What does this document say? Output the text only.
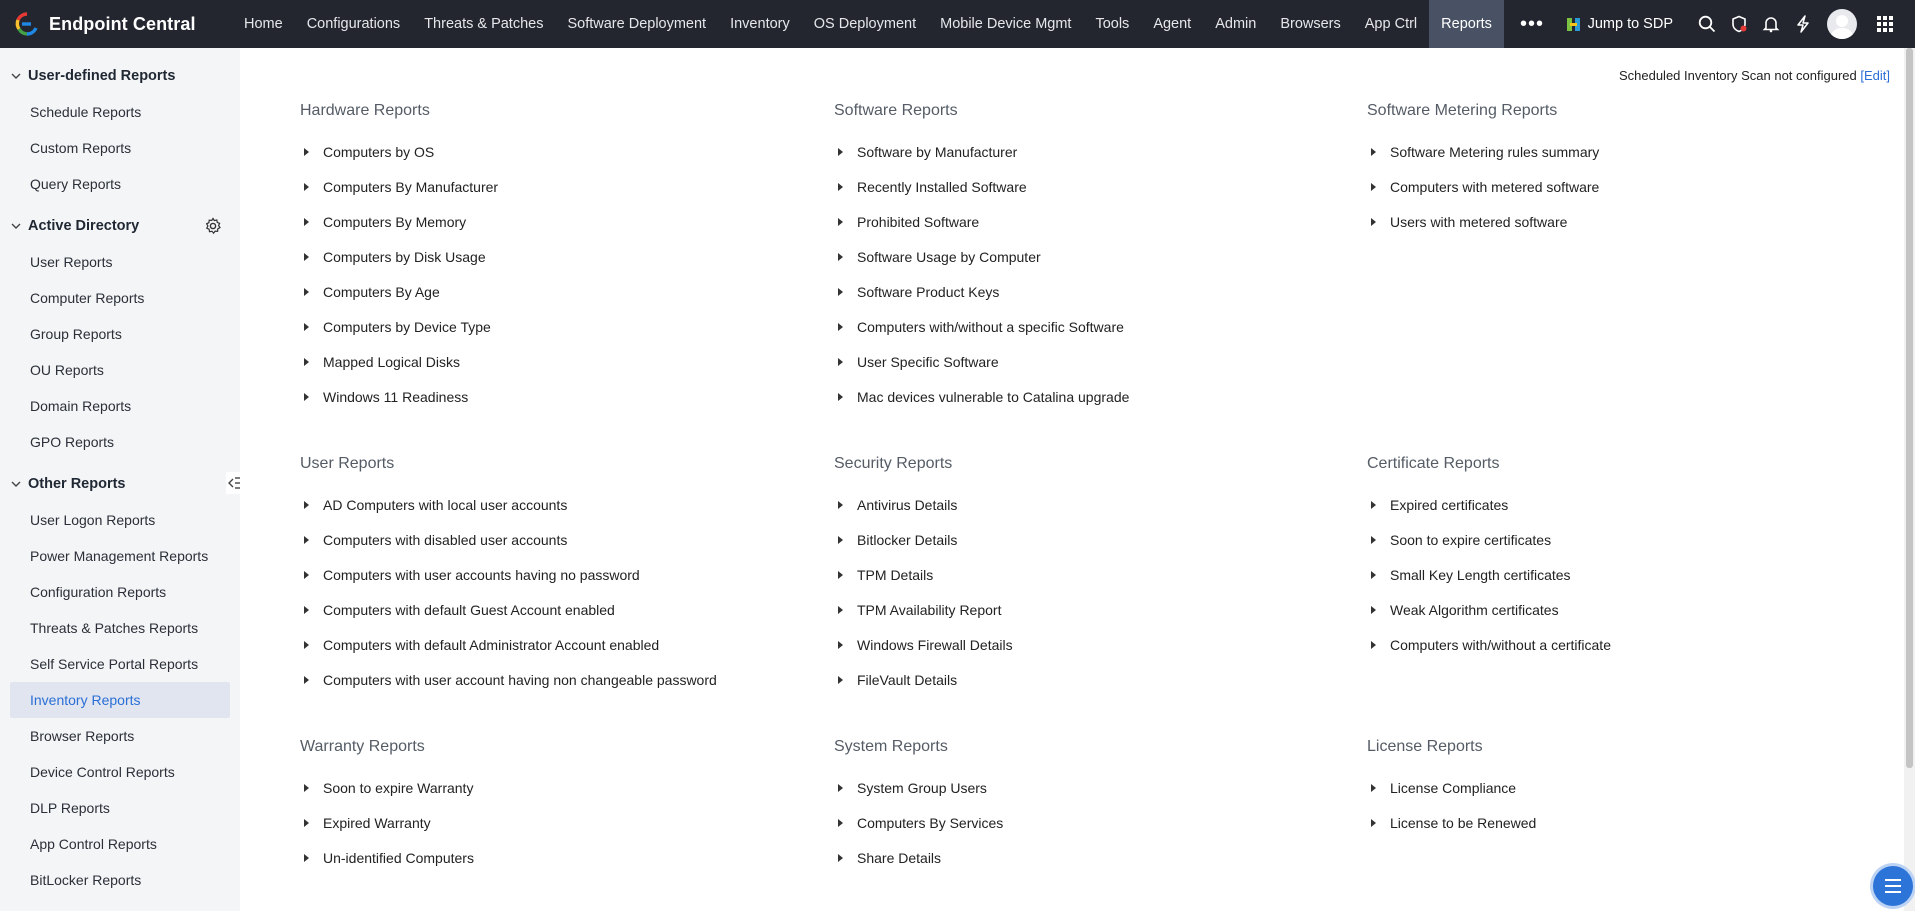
Endpoint Central	Home	Configurations	Threats & Patches	Software Deployment	Inventory	OS Deployment	Mobile Device Mgmt	Tools	Agent	Admin	Browsers	App Ctrl	Reports	•••	Jump to SDP
User-defined Reports
Schedule Reports
Custom Reports
Query Reports
Active Directory
User Reports
Computer Reports
Group Reports
OU Reports
Domain Reports
GPO Reports
Other Reports
User Logon Reports
Power Management Reports
Configuration Reports
Threats & Patches Reports
Self Service Portal Reports
Inventory Reports
Browser Reports
Device Control Reports
DLP Reports
App Control Reports
BitLocker Reports
Scheduled Inventory Scan not configured [Edit]
Hardware Reports
Computers by OS
Computers By Manufacturer
Computers By Memory
Computers by Disk Usage
Computers By Age
Computers by Device Type
Mapped Logical Disks
Windows 11 Readiness
Software Reports
Software by Manufacturer
Recently Installed Software
Prohibited Software
Software Usage by Computer
Software Product Keys
Computers with/without a specific Software
User Specific Software
Mac devices vulnerable to Catalina upgrade
Software Metering Reports
Software Metering rules summary
Computers with metered software
Users with metered software
User Reports
AD Computers with local user accounts
Computers with disabled user accounts
Computers with user accounts having no password
Computers with default Guest Account enabled
Computers with default Administrator Account enabled
Computers with user account having non changeable password
Security Reports
Antivirus Details
Bitlocker Details
TPM Details
TPM Availability Report
Windows Firewall Details
FileVault Details
Certificate Reports
Expired certificates
Soon to expire certificates
Small Key Length certificates
Weak Algorithm certificates
Computers with/without a certificate
Warranty Reports
Soon to expire Warranty
Expired Warranty
Un-identified Computers
System Reports
System Group Users
Computers By Services
Share Details
License Reports
License Compliance
License to be Renewed
